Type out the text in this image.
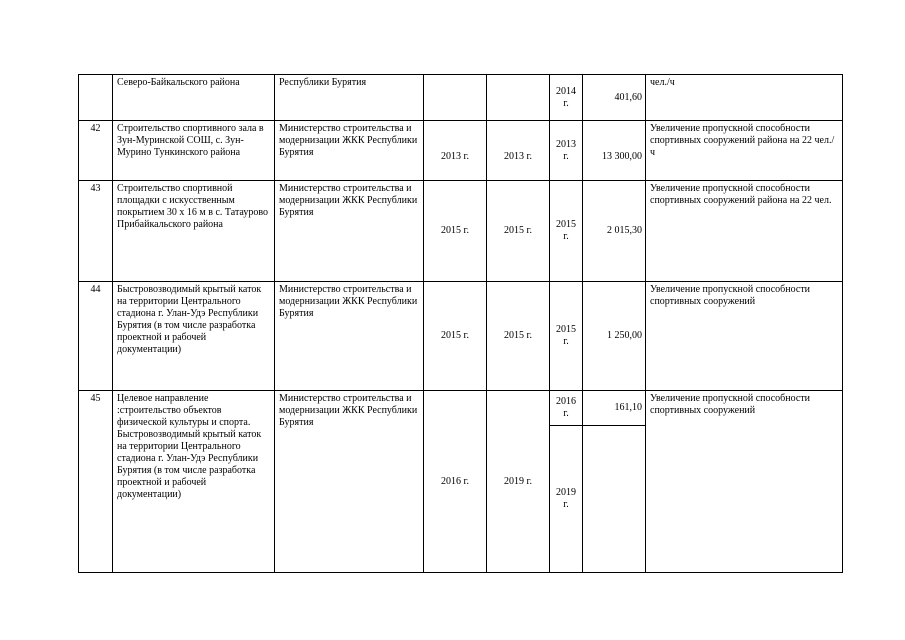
	Северо-Байкальского района	Республики Бурятия			2014 г.	401,60	чел./ч
42	Строительство спортивного зала в Зун-Муринской СОШ, с. Зун-Мурино Тункинского района	Министерство строительства и модернизации ЖКК Республики Бурятия	2013 г.	2013 г.	2013 г.	13 300,00	Увеличение пропускной способности спортивных сооружений района на 22 чел./ч
43	Строительство спортивной площадки с искусственным покрытием 30 х 16 м в с. Татаурово Прибайкальского района	Министерство строительства и модернизации ЖКК Республики Бурятия	2015 г.	2015 г.	2015 г.	2 015,30	Увеличение пропускной способности спортивных сооружений района на 22 чел.
44	Быстровозводимый крытый каток на территории Центрального стадиона г. Улан-Удэ Республики Бурятия (в том числе разработка проектной и рабочей документации)	Министерство строительства и модернизации ЖКК Республики Бурятия	2015 г.	2015 г.	2015 г.	1 250,00	Увеличение пропускной способности спортивных сооружений
45	Целевое направление :строительство объектов физической культуры и спорта. Быстровозводимый крытый каток на территории Центрального стадиона г. Улан-Удэ Республики Бурятия (в том числе разработка проектной и рабочей документации)	Министерство строительства и модернизации ЖКК Республики Бурятия	2016 г.	2019 г.	2016 г.	161,10	Увеличение пропускной способности спортивных сооружений
					2019 г.		
